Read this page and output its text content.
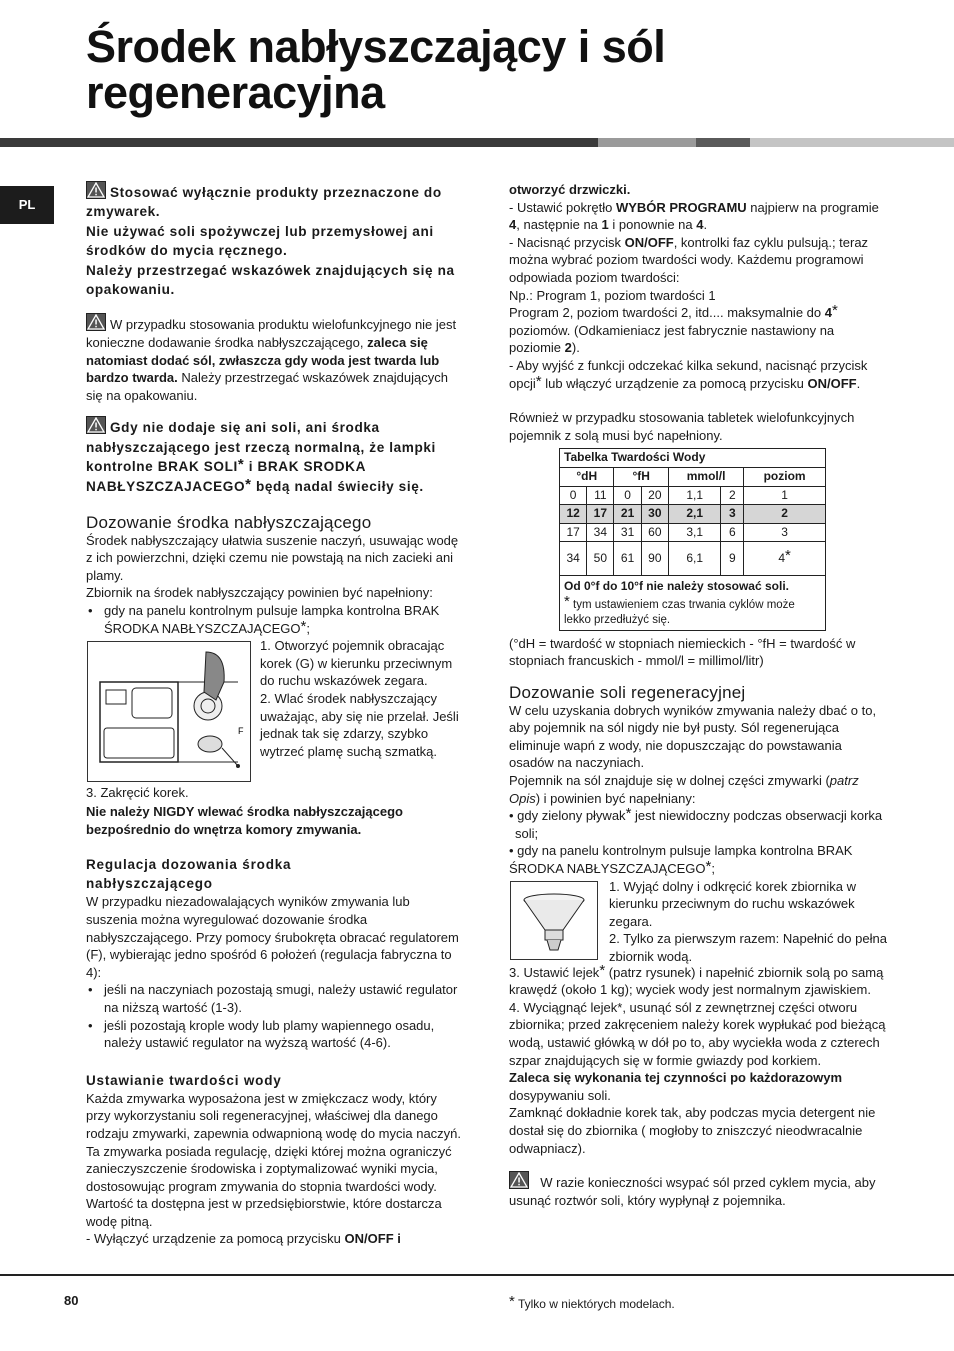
Środek nabłyszczający i sól regeneracyjna
PL

Stosować wyłącznie produkty przeznaczone do zmywarek.
Nie używać soli spożywczej lub przemysłowej ani środków do mycia ręcznego.
Należy przestrzegać wskazówek znajdujących się na opakowaniu.

W przypadku stosowania produktu wielofunkcyjnego nie jest konieczne dodawanie środka nabłyszczającego, zaleca się natomiast dodać sól, zwłaszcza gdy woda jest twarda lub bardzo twarda. Należy przestrzegać wskazówek znajdujących się na opakowaniu.

Gdy nie dodaje się ani soli, ani środka nabłyszczającego jest rzeczą normalną, że lampki kontrolne BRAK SOLI* i BRAK SRODKA NABŁYSZCZAJACEGO* będą nadal świeciły się.

Dozowanie środka nabłyszczającego

Środek nabłyszczający ułatwia suszenie naczyń, usuwając wodę z ich powierzchni, dzięki czemu nie powstają na nich zacieki ani plamy.

Zbiornik na środek nabłyszczający powinien być napełniony:

• gdy na panelu kontrolnym pulsuje lampka kontrolna BRAK ŚRODKA NABŁYSZCZAJĄCEGO*;
F

1. Otworzyć pojemnik obracając korek (G) w kierunku przeciwnym do ruchu wskazówek zegara.

2. Wlać środek nabłyszczający uważając, aby się nie przelał. Jeśli jednak tak się zdarzy, szybko wytrzeć plamę suchą szmatką.

3. Zakręcić korek.

Nie należy NIGDY wlewać środka nabłyszczającego bezpośrednio do wnętrza komory zmywania.

Regulacja dozowania środka nabłyszczającego

W przypadku niezadowalających wyników zmywania lub suszenia można wyregulować dozowanie środka nabłyszczającego. Przy pomocy śrubokręta obracać regulatorem (F), wybierając jedno spośród 6 położeń (regulacja fabryczna to 4):

• jeśli na naczyniach pozostają smugi, należy ustawić regulator na niższą wartość (1-3).
• jeśli pozostają krople wody lub plamy wapiennego osadu, należy ustawić regulator na wyższą wartość (4-6).
Ustawianie twardości wody

Każda zmywarka wyposażona jest w zmiękczacz wody, który przy wykorzystaniu soli regeneracyjnej, właściwej dla danego rodzaju zmywarki, zapewnia odwapnioną wodę do mycia naczyń.

Ta zmywarka posiada regulację, dzięki której można ograniczyć zanieczyszczenie środowiska i zoptymalizować wyniki mycia, dostosowując program zmywania do stopnia twardości wody. Wartość ta dostępna jest w przedsiębiorstwie, które dostarcza wodę pitną.

- Wyłączyć urządzenie za pomocą przycisku ON/OFF i

otworzyć drzwiczki.

- Ustawić pokrętło WYBÓR PROGRAMU najpierw na programie 4, następnie na 1 i ponownie na 4.

- Nacisnąć przycisk ON/OFF, kontrolki faz cyklu pulsują.; teraz można wybrać poziom twardości wody. Każdemu programowi odpowiada poziom twardości:

Np.: Program 1, poziom twardości 1

Program 2, poziom twardości 2, itd.... maksymalnie do 4* poziomów. (Odkamieniacz jest fabrycznie nastawiony na poziomie 2).

- Aby wyjść z funkcji odczekać kilka sekund, nacisnąć przycisk opcji* lub włączyć urządzenie za pomocą przycisku ON/OFF.

Również w przypadku stosowania tabletek wielofunkcyjnych pojemnik z solą musi być napełniony.

Tabelka Twardości Wody						
°dH		°fH		mmol/l		poziom
0	11	0	20	1,1	2	1
12	17	21	30	2,1	3	2
17	34	31	60	3,1	6	3
34	50	61	90	6,1	9	4*
Od 0°f do 10°f nie należy stosować soli.						
* tym ustawieniem czas trwania cyklów może lekko przedłużyć się.						

(°dH = twardość w stopniach niemieckich - °fH = twardość w stopniach francuskich - mmol/l = millimol/litr)

Dozowanie soli regeneracyjnej

W celu uzyskania dobrych wyników zmywania należy dbać o to, aby pojemnik na sól nigdy nie był pusty. Sól regenerująca eliminuje wapń z wody, nie dopuszczając do powstawania osadów na naczyniach.

Pojemnik na sól znajduje się w dolnej części zmywarki (patrz Opis) i powinien być napełniany:

• gdy zielony pływak* jest niewidoczny podczas obserwacji korka soli;

• gdy na panelu kontrolnym pulsuje lampka kontrolna BRAK ŚRODKA NABŁYSZCZAJĄCEGO*;

1. Wyjąć dolny i odkręcić korek zbiornika w kierunku przeciwnym do ruchu wskazówek zegara.

2. Tylko za pierwszym razem: Napełnić do pełna zbiornik wodą.

3. Ustawić lejek* (patrz rysunek) i napełnić zbiornik solą po samą krawędź (około 1 kg); wyciek wody jest normalnym zjawiskiem.

4. Wyciągnąć lejek*, usunąć sól z zewnętrznej części otworu zbiornika; przed zakręceniem należy korek wypłukać pod bieżącą wodą, ustawić główką w dół po to, aby wyciekła woda z czterech szpar znajdujących się w formie gwiazdy pod korkiem.

Zaleca się wykonania tej czynności po każdorazowym dosypywaniu soli.

Zamknąć dokładnie korek tak, aby podczas mycia detergent nie dostał się do zbiornika ( mogłoby to zniszczyć nieodwracalnie odwapniacz).

W razie konieczności wsypać sól przed cyklem mycia, aby usunąć roztwór soli, który wypłynął z pojemnika.

80	* Tylko w niektórych modelach.
